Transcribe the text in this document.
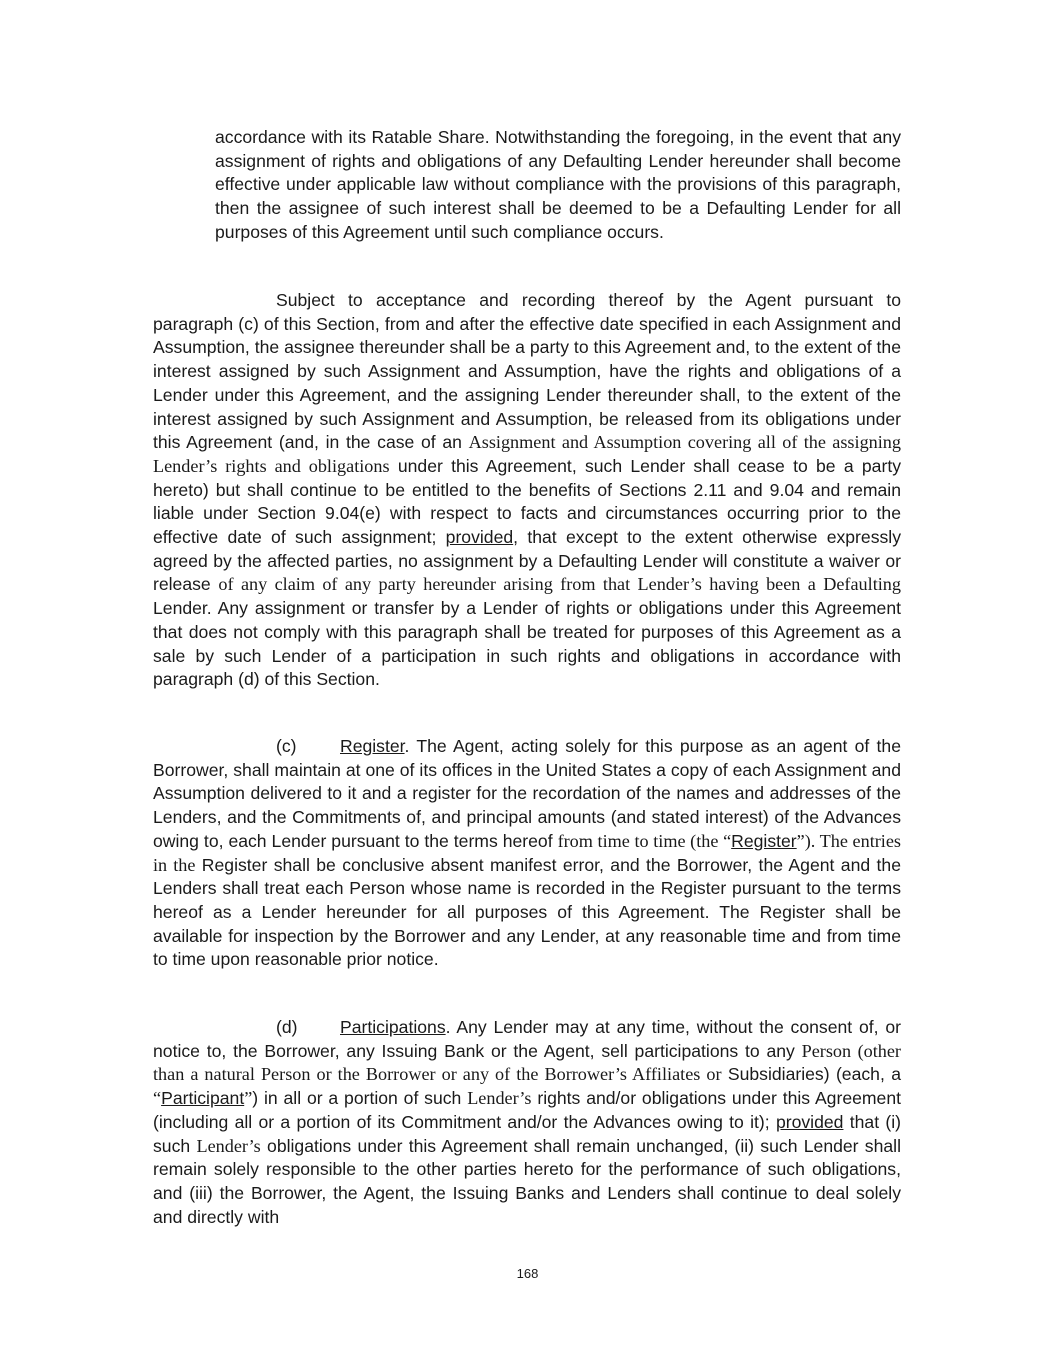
accordance with its Ratable Share. Notwithstanding the foregoing, in the event that any assignment of rights and obligations of any Defaulting Lender hereunder shall become effective under applicable law without compliance with the provisions of this paragraph, then the assignee of such interest shall be deemed to be a Defaulting Lender for all purposes of this Agreement until such compliance occurs.

Subject to acceptance and recording thereof by the Agent pursuant to paragraph (c) of this Section, from and after the effective date specified in each Assignment and Assumption, the assignee thereunder shall be a party to this Agreement and, to the extent of the interest assigned by such Assignment and Assumption, have the rights and obligations of a Lender under this Agreement, and the assigning Lender thereunder shall, to the extent of the interest assigned by such Assignment and Assumption, be released from its obligations under this Agreement (and, in the case of an Assignment and Assumption covering all of the assigning Lender’s rights and obligations under this Agreement, such Lender shall cease to be a party hereto) but shall continue to be entitled to the benefits of Sections 2.11 and 9.04 and remain liable under Section 9.04(e) with respect to facts and circumstances occurring prior to the effective date of such assignment; provided, that except to the extent otherwise expressly agreed by the affected parties, no assignment by a Defaulting Lender will constitute a waiver or release of any claim of any party hereunder arising from that Lender’s having been a Defaulting Lender. Any assignment or transfer by a Lender of rights or obligations under this Agreement that does not comply with this paragraph shall be treated for purposes of this Agreement as a sale by such Lender of a participation in such rights and obligations in accordance with paragraph (d) of this Section.

(c) Register. The Agent, acting solely for this purpose as an agent of the Borrower, shall maintain at one of its offices in the United States a copy of each Assignment and Assumption delivered to it and a register for the recordation of the names and addresses of the Lenders, and the Commitments of, and principal amounts (and stated interest) of the Advances owing to, each Lender pursuant to the terms hereof from time to time (the “Register”). The entries in the Register shall be conclusive absent manifest error, and the Borrower, the Agent and the Lenders shall treat each Person whose name is recorded in the Register pursuant to the terms hereof as a Lender hereunder for all purposes of this Agreement. The Register shall be available for inspection by the Borrower and any Lender, at any reasonable time and from time to time upon reasonable prior notice.

(d) Participations. Any Lender may at any time, without the consent of, or notice to, the Borrower, any Issuing Bank or the Agent, sell participations to any Person (other than a natural Person or the Borrower or any of the Borrower’s Affiliates or Subsidiaries) (each, a “Participant”) in all or a portion of such Lender’s rights and/or obligations under this Agreement (including all or a portion of its Commitment and/or the Advances owing to it); provided that (i) such Lender’s obligations under this Agreement shall remain unchanged, (ii) such Lender shall remain solely responsible to the other parties hereto for the performance of such obligations, and (iii) the Borrower, the Agent, the Issuing Banks and Lenders shall continue to deal solely and directly with

168
